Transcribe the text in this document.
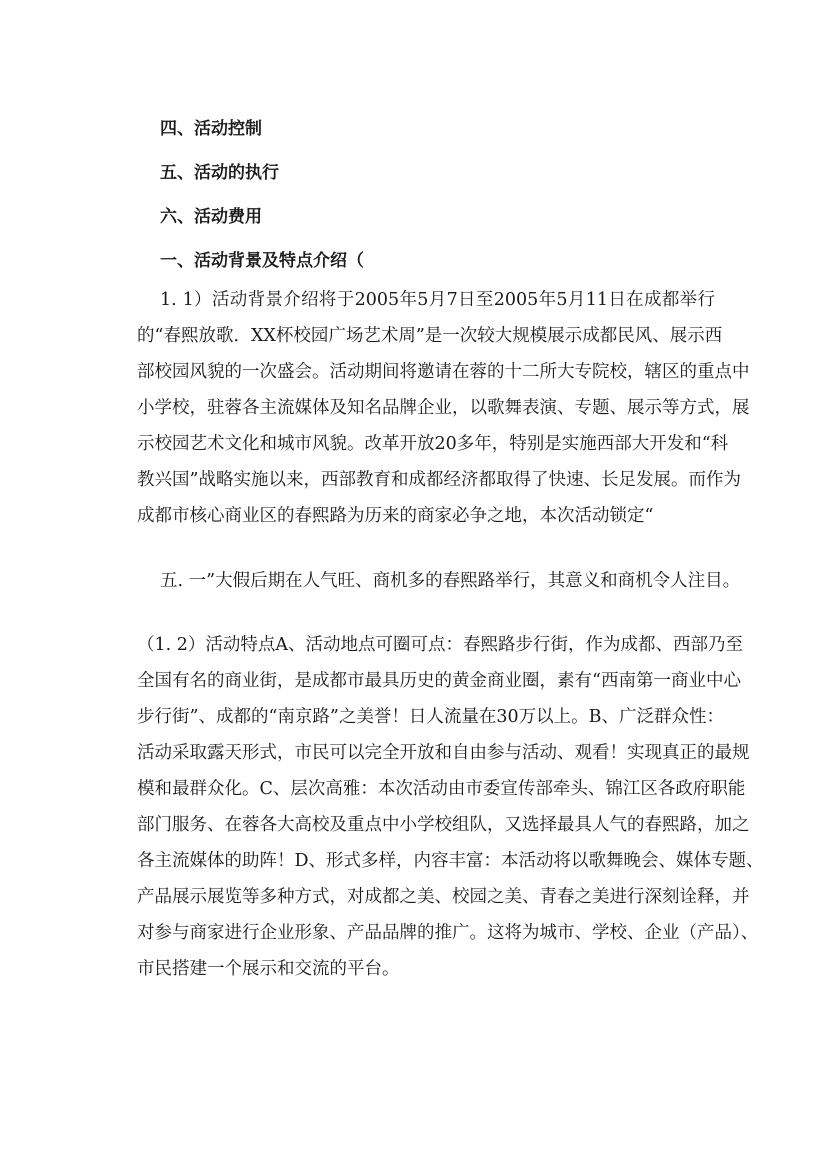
四、活动控制
五、活动的执行
六、活动费用
一、活动背景及特点介绍（
1. 1）活动背景介绍将于2005年5月7日至2005年5月11日在成都举行
的“春熙放歌．XX杯校园广场艺术周”是一次较大规模展示成都民风、展示西
部校园风貌的一次盛会。活动期间将邀请在蓉的十二所大专院校，辖区的重点中
小学校，驻蓉各主流媒体及知名品牌企业，以歌舞表演、专题、展示等方式，展
示校园艺术文化和城市风貌。改革开放20多年，特别是实施西部大开发和“科
教兴国”战略实施以来，西部教育和成都经济都取得了快速、长足发展。而作为
成都市核心商业区的春熙路为历来的商家必争之地，本次活动锁定“
五. 一”大假后期在人气旺、商机多的春熙路举行，其意义和商机令人注目。
（1. 2）活动特点A、活动地点可圈可点：春熙路步行街，作为成都、西部乃至
全国有名的商业街，是成都市最具历史的黄金商业圈，素有“西南第一商业中心
步行街”、成都的“南京路”之美誉！日人流量在30万以上。B、广泛群众性：
活动采取露天形式，市民可以完全开放和自由参与活动、观看！实现真正的最规
模和最群众化。C、层次高雅：本次活动由市委宣传部牵头、锦江区各政府职能
部门服务、在蓉各大高校及重点中小学校组队，又选择最具人气的春熙路，加之
各主流媒体的助阵！D、形式多样，内容丰富：本活动将以歌舞晚会、媒体专题、
产品展示展览等多种方式，对成都之美、校园之美、青春之美进行深刻诠释，并
对参与商家进行企业形象、产品品牌的推广。这将为城市、学校、企业（产品）、
市民搭建一个展示和交流的平台。
